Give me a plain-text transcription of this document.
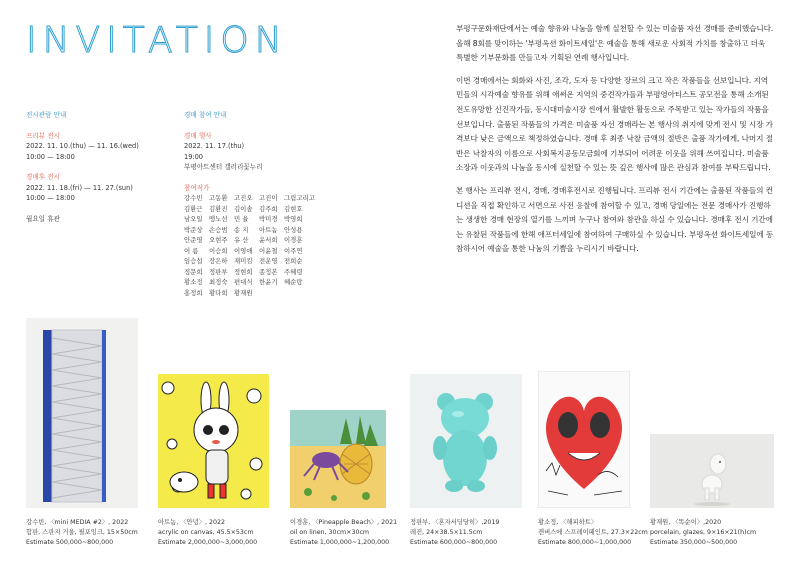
INVITATION
전시관람 안내
프리뷰 전시
2022. 11. 10.(thu) — 11. 16.(wed)
10:00 — 18:00
경매후 전시
2022. 11. 18.(fri) — 11. 27.(sun)
10:00 — 18:00
월요일 휴관
경매 참여 안내
경매 행사
2022. 11. 17.(thu)
19:00
부평아트센터 갤러리꽃누리
참여작가
강수빈	고동환	고진오	고진이	그림고리고
김환근	김환진	김이솔	김주희	김현호
남오일	맹노선	민 율	박미경	박영희
박준상	손승범	송 지	아트놈	안성용
안준영	오현주	유 산	윤서희	이경훈
이 름	이승희	이영애	이윤철	이주연
임승섭	장은하	재미킴	전운영	전희순
정문희	정판부	정현희	종정본	주혜령
황소정	최정숙	편대식	한윤기	혜순랑
홍정희	황다희	황재원

부평구문화재단에서는 예술 향유와 나눔을 함께 실천할 수 있는 미술품 자선 경매를 준비했습니다. 올해 8회를 맞이하는 '부평옥션 화이트세일'은 예술을 통해 새로운 사회적 가치를 창출하고 더욱 특별한 기부문화를 만들고자 기획된 연례 행사입니다.

이번 경매에서는 회화와 사진, 조각, 도자 등 다양한 장르의 크고 작은 작품들을 선보입니다. 지역민들의 시각예술 향유를 위해 애써온 지역의 중견작가들과 부평영아티스트 공모전을 통해 소개된 전도유망한 신진작가들, 동시대미술시장 씬에서 활발한 활동으로 주목받고 있는 작가들의 작품을 선보입니다. 출품된 작품들의 가격은 미술품 자선 경매라는 본 행사의 취지에 맞게 전시 및 시장 가격보다 낮은 금액으로 책정하였습니다. 경매 후 최종 낙찰 금액의 절반은 출품 작가에게, 나머지 절반은 낙찰자의 이름으로 사회복지공동모금회에 기부되어 어려운 이웃을 위해 쓰여집니다. 미술품 소장과 이웃과의 나눔을 동시에 실천할 수 있는 뜻 깊은 행사에 많은 관심과 참여를 부탁드립니다.

본 행사는 프리뷰 전시, 경매, 경매후전시로 진행됩니다. 프리뷰 전시 기간에는 출품된 작품들의 컨디션을 직접 확인하고 서면으로 사전 응찰에 참여할 수 있고, 경매 당일에는 전문 경매사가 진행하는 생생한 경매 현장의 열기를 느끼며 누구나 참여와 참관을 하실 수 있습니다. 경매후 전시 기간에는 유찰된 작품들에 한해 애프터세일에 참여하여 구매하실 수 있습니다. 부평옥션 화이트세일에 동참하시어 예술을 통한 나눔의 기쁨을 누리시기 바랍니다.

강수빈, 〈mini MEDIA #2〉, 2022
합판, 스판지 거울, 필포잉크, 15×50cm
Estimate 500,000~800,000
아트놈, 〈안녕〉, 2022
acrylic on canvas, 45.5×53cm
Estimate 2,000,000~3,000,000
이경훈, 〈Pineapple Beach〉, 2021
oil on linen, 30cm×30cm
Estimate 1,000,000~1,200,000
정판부, 〈혼자서딩당히〉,2019
레진, 24×38.5×11.5cm
Estimate 600,000~800,000
황소정, 〈해피하트〉
캔버스에 스프레이페인트, 27.3×22cm
Estimate 800,000~1,000,000
황재원, 〈똑순이〉,2020
porcelain, glazes, 9×16×21(h)cm
Estimate 350,000~500,000
